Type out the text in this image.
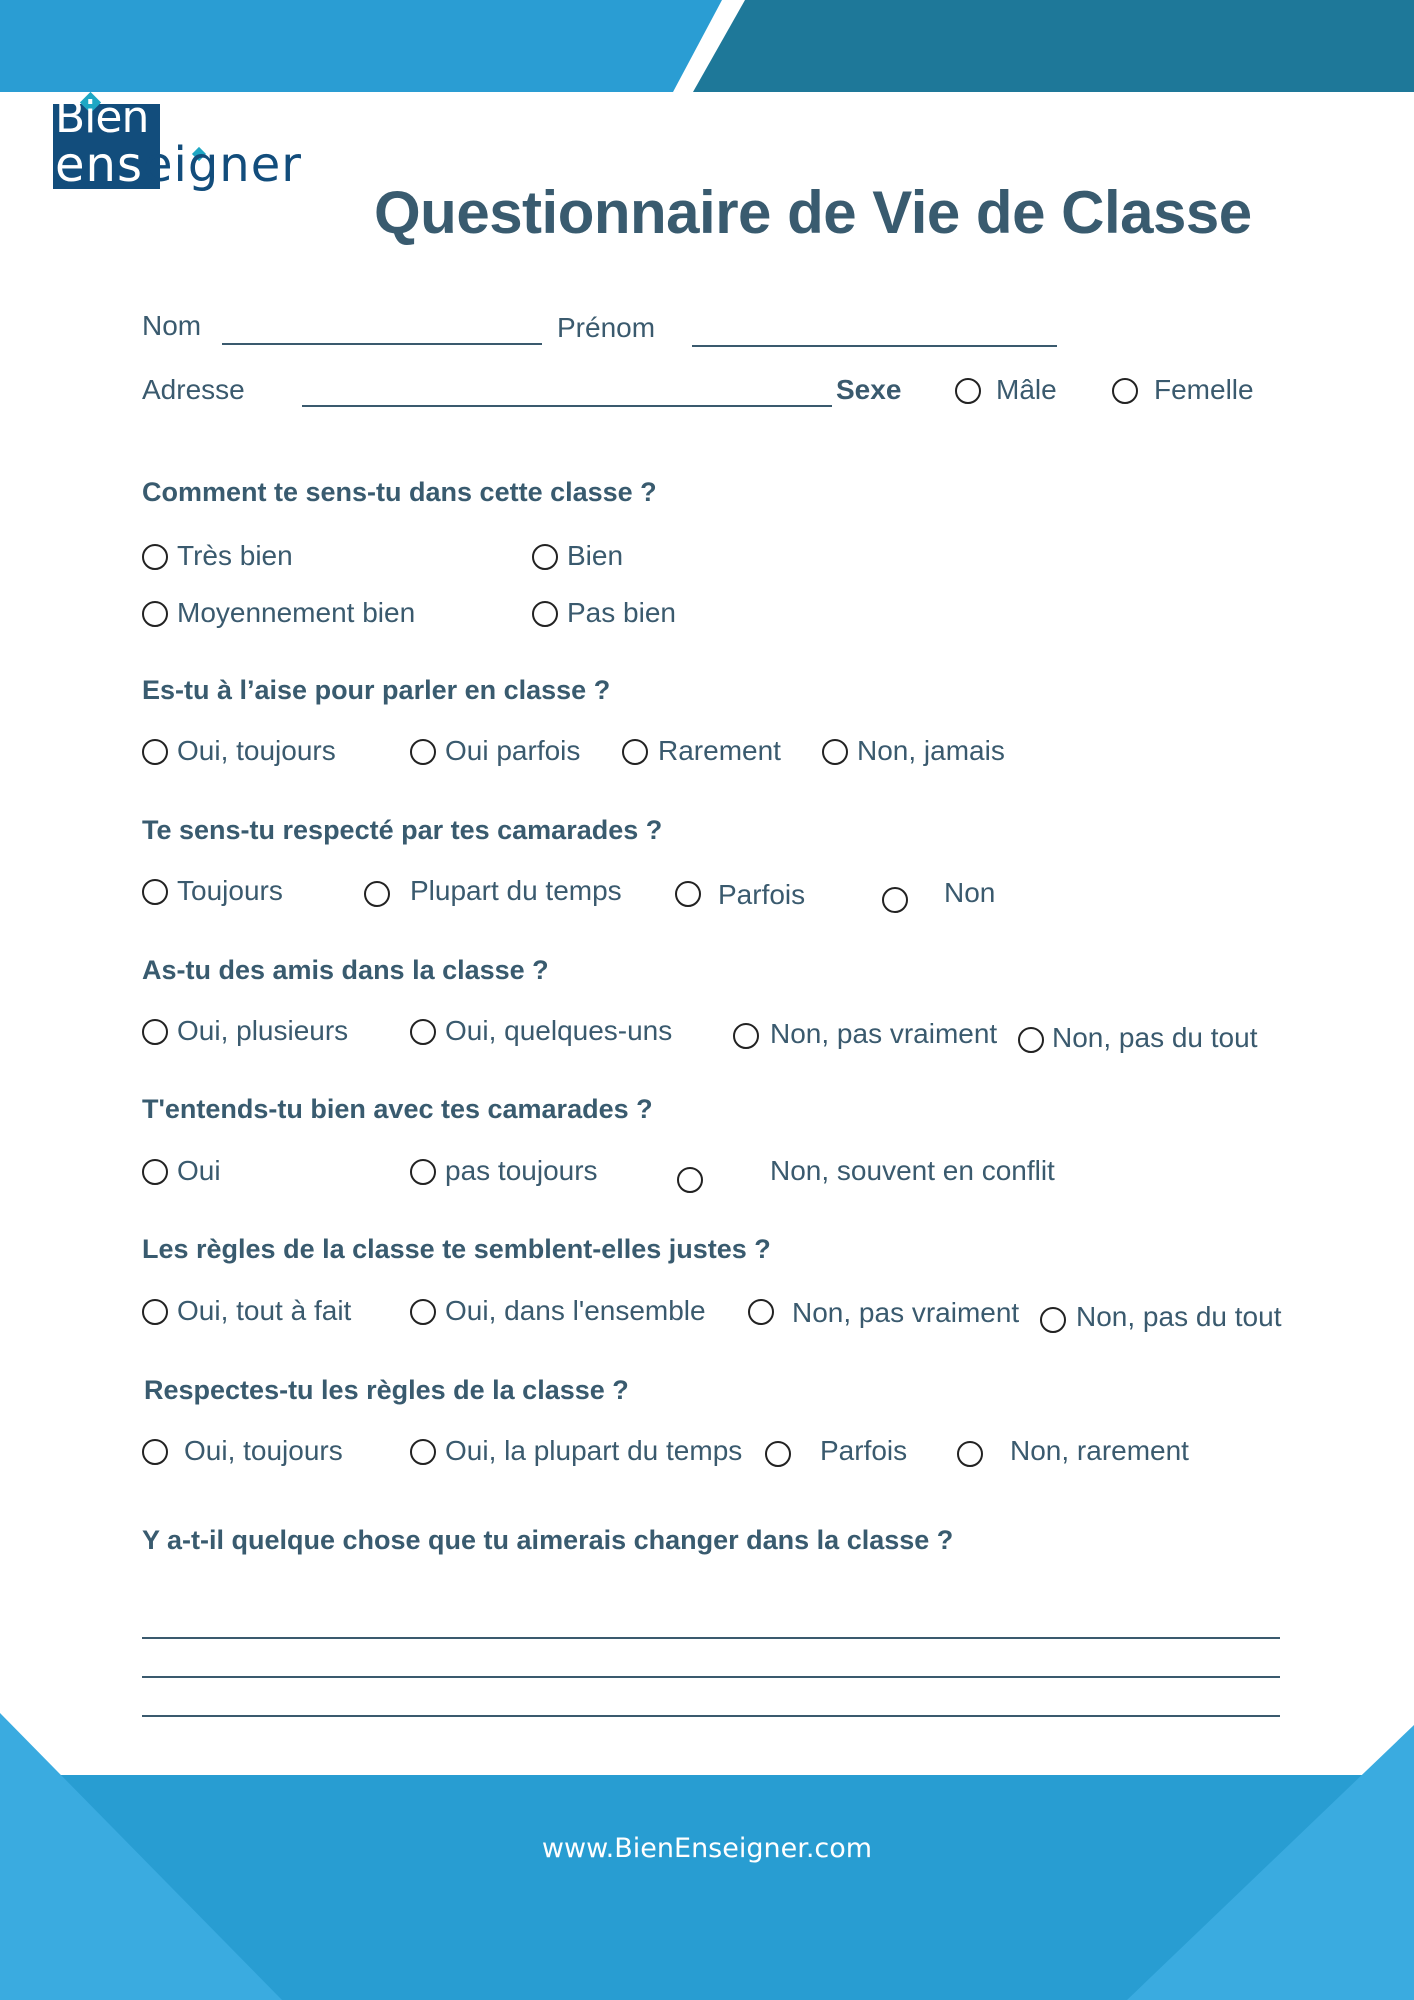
Bien
enseigner
Questionnaire de Vie de Classe
Nom	Prénom
Adresse	Sexe	Mâle	Femelle
Comment te sens-tu dans cette classe ?
Très bien	Bien
Moyennement bien	Pas bien
Es-tu à l’aise pour parler en classe ?
Oui, toujours	Oui parfois	Rarement	Non, jamais
Te sens-tu respecté par tes camarades ?
Toujours	Plupart du temps	Parfois	Non
As-tu des amis dans la classe ?
Oui, plusieurs	Oui, quelques-uns	Non, pas vraiment Non, pas du tout
T'entends-tu bien avec tes camarades ?
Oui	pas toujours	Non, souvent en conflit
Les règles de la classe te semblent-elles justes ?
Oui, tout à fait	Oui, dans l'ensemble	Non, pas vraiment Non, pas du tout
Respectes-tu les règles de la classe ?
Oui, toujours	Oui, la plupart du temps	Parfois	Non, rarement
Y a-t-il quelque chose que tu aimerais changer dans la classe ?
www.BienEnseigner.com
